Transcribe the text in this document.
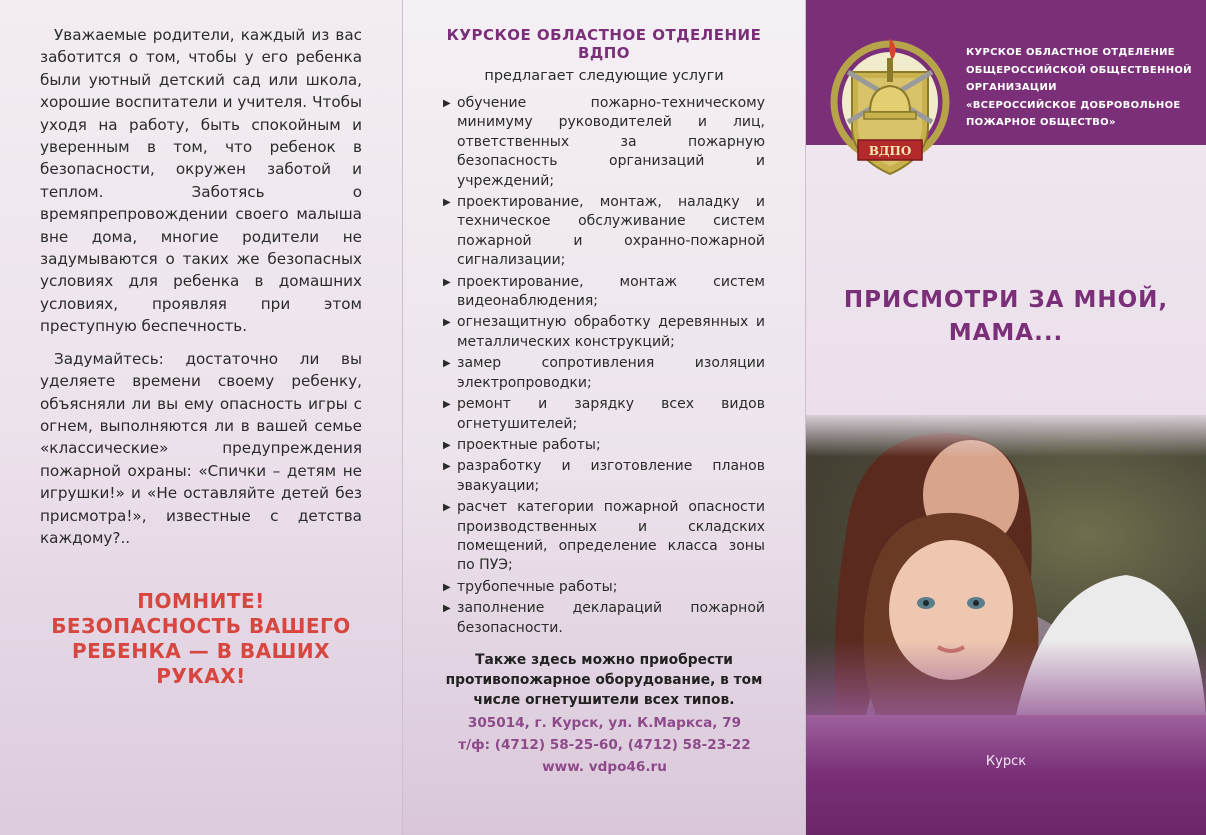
Уважаемые родители, каждый из вас заботится о том, чтобы у его ребенка были уютный детский сад или школа, хорошие воспитатели и учителя. Чтобы уходя на работу, быть спокойным и уверенным в том, что ребенок в безопасности, окружен заботой и теплом. Заботясь о времяпрепровождении своего малыша вне дома, многие родители не задумываются о таких же безопасных условиях для ребенка в домашних условиях, проявляя при этом преступную беспечность.

Задумайтесь: достаточно ли вы уделяете времени своему ребенку, объясняли ли вы ему опасность игры с огнем, выполняются ли в вашей семье «классические» предупреждения пожарной охраны: «Спички – детям не игрушки!» и «Не оставляйте детей без присмотра!», известные с детства каждому?..

ПОМНИТЕ!
БЕЗОПАСНОСТЬ ВАШЕГО
РЕБЕНКА — В ВАШИХ
РУКАХ!
КУРСКОЕ ОБЛАСТНОЕ ОТДЕЛЕНИЕ ВДПО
предлагает следующие услуги
▶ обучение пожарно-техническому минимуму руководителей и лиц, ответственных за пожарную безопасность организаций и учреждений;
▶ проектирование, монтаж, наладку и техническое обслуживание систем пожарной и охранно-пожарной сигнализации;
▶ проектирование, монтаж систем видеонаблюдения;
▶ огнезащитную обработку деревянных и металлических конструкций;
▶ замер сопротивления изоляции электропроводки;
▶ ремонт и зарядку всех видов огнетушителей;
▶ проектные работы;
▶ разработку и изготовление планов эвакуации;
▶ расчет категории пожарной опасности производственных и складских помещений, определение класса зоны по ПУЭ;
▶ трубопечные работы;
▶ заполнение деклараций пожарной безопасности.
Также здесь можно приобрести противопожарное оборудование, в том числе огнетушители всех типов.
305014, г. Курск, ул. К.Маркса, 79
т/ф: (4712) 58-25-60, (4712) 58-23-22
www. vdpo46.ru
ВДПО
КУРСКОЕ ОБЛАСТНОЕ ОТДЕЛЕНИЕ
ОБЩЕРОССИЙСКОЙ ОБЩЕСТВЕННОЙ
ОРГАНИЗАЦИИ
«ВСЕРОССИЙСКОЕ ДОБРОВОЛЬНОЕ
ПОЖАРНОЕ ОБЩЕСТВО»
ПРИСМОТРИ ЗА МНОЙ,
МАМА...
Курск
